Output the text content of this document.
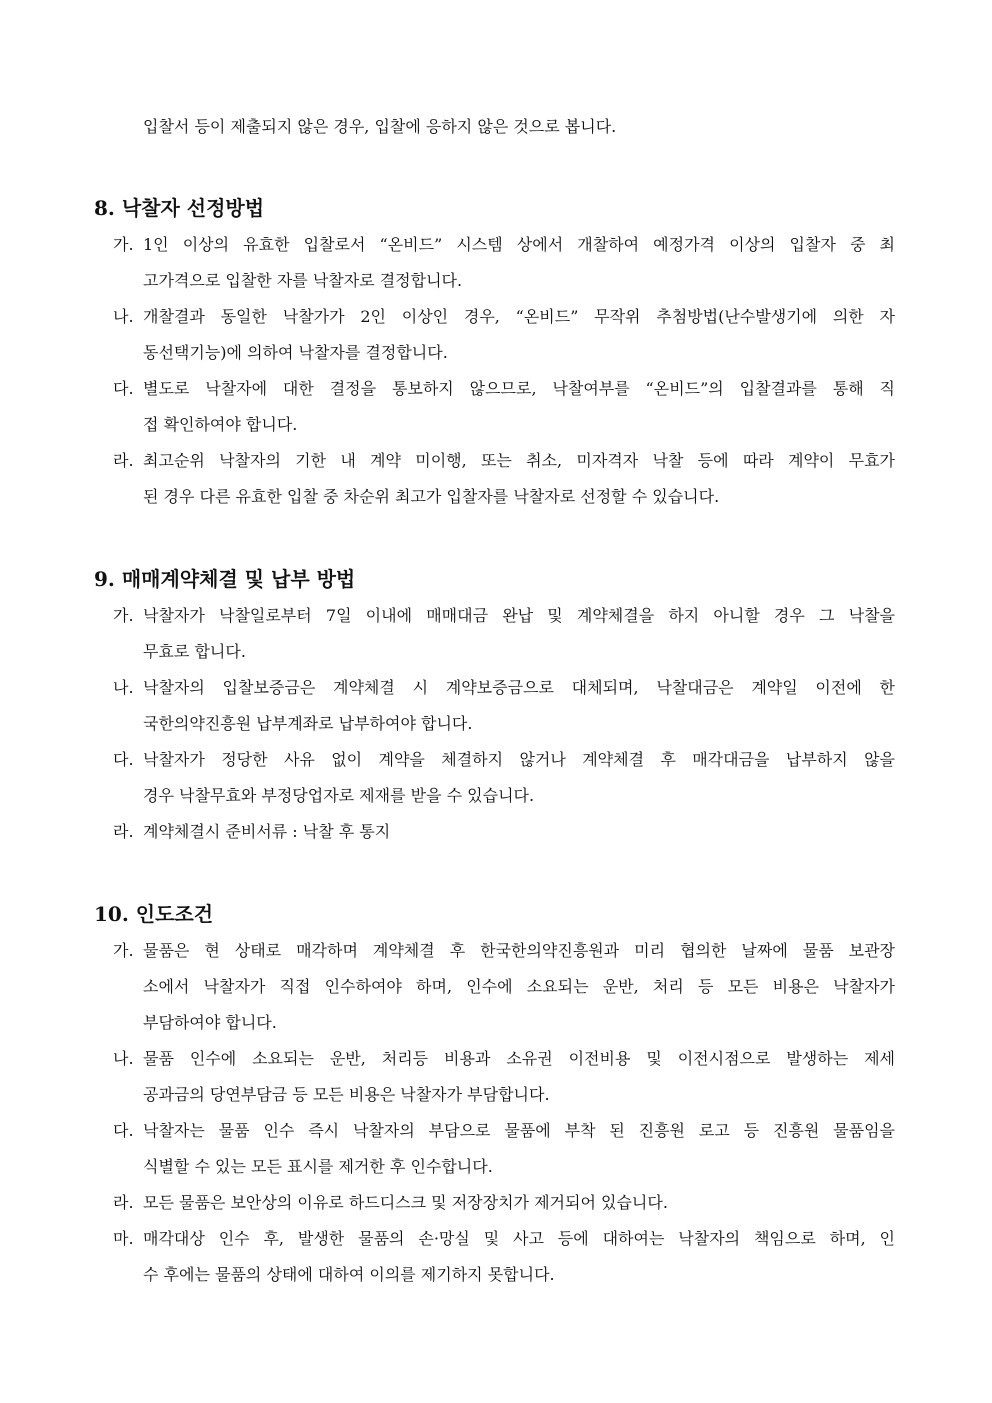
입찰서 등이 제출되지 않은 경우, 입찰에 응하지 않은 것으로 봅니다.
8. 낙찰자 선정방법
가. 1인 이상의 유효한 입찰로서 “온비드” 시스템 상에서 개찰하여 예정가격 이상의 입찰자 중 최
고가격으로 입찰한 자를 낙찰자로 결정합니다.
나. 개찰결과 동일한 낙찰가가 2인 이상인 경우, “온비드” 무작위 추첨방법(난수발생기에 의한 자
동선택기능)에 의하여 낙찰자를 결정합니다.
다. 별도로 낙찰자에 대한 결정을 통보하지 않으므로, 낙찰여부를 “온비드”의 입찰결과를 통해 직
접 확인하여야 합니다.
라. 최고순위 낙찰자의 기한 내 계약 미이행, 또는 취소, 미자격자 낙찰 등에 따라 계약이 무효가
된 경우 다른 유효한 입찰 중 차순위 최고가 입찰자를 낙찰자로 선정할 수 있습니다.
9. 매매계약체결 및 납부 방법
가. 낙찰자가 낙찰일로부터 7일 이내에 매매대금 완납 및 계약체결을 하지 아니할 경우 그 낙찰을
무효로 합니다.
나. 낙찰자의 입찰보증금은 계약체결 시 계약보증금으로 대체되며, 낙찰대금은 계약일 이전에 한
국한의약진흥원 납부계좌로 납부하여야 합니다.
다. 낙찰자가 정당한 사유 없이 계약을 체결하지 않거나 계약체결 후 매각대금을 납부하지 않을
경우 낙찰무효와 부정당업자로 제재를 받을 수 있습니다.
라. 계약체결시 준비서류 : 낙찰 후 통지
10. 인도조건
가. 물품은 현 상태로 매각하며 계약체결 후 한국한의약진흥원과 미리 협의한 날짜에 물품 보관장
소에서 낙찰자가 직접 인수하여야 하며, 인수에 소요되는 운반, 처리 등 모든 비용은 낙찰자가
부담하여야 합니다.
나. 물품 인수에 소요되는 운반, 처리등 비용과 소유권 이전비용 및 이전시점으로 발생하는 제세
공과금의 당연부담금 등 모든 비용은 낙찰자가 부담합니다.
다. 낙찰자는 물품 인수 즉시 낙찰자의 부담으로 물품에 부착 된 진흥원 로고 등 진흥원 물품임을
식별할 수 있는 모든 표시를 제거한 후 인수합니다.
라. 모든 물품은 보안상의 이유로 하드디스크 및 저장장치가 제거되어 있습니다.
마. 매각대상 인수 후, 발생한 물품의 손·망실 및 사고 등에 대하여는 낙찰자의 책임으로 하며, 인
수 후에는 물품의 상태에 대하여 이의를 제기하지 못합니다.
